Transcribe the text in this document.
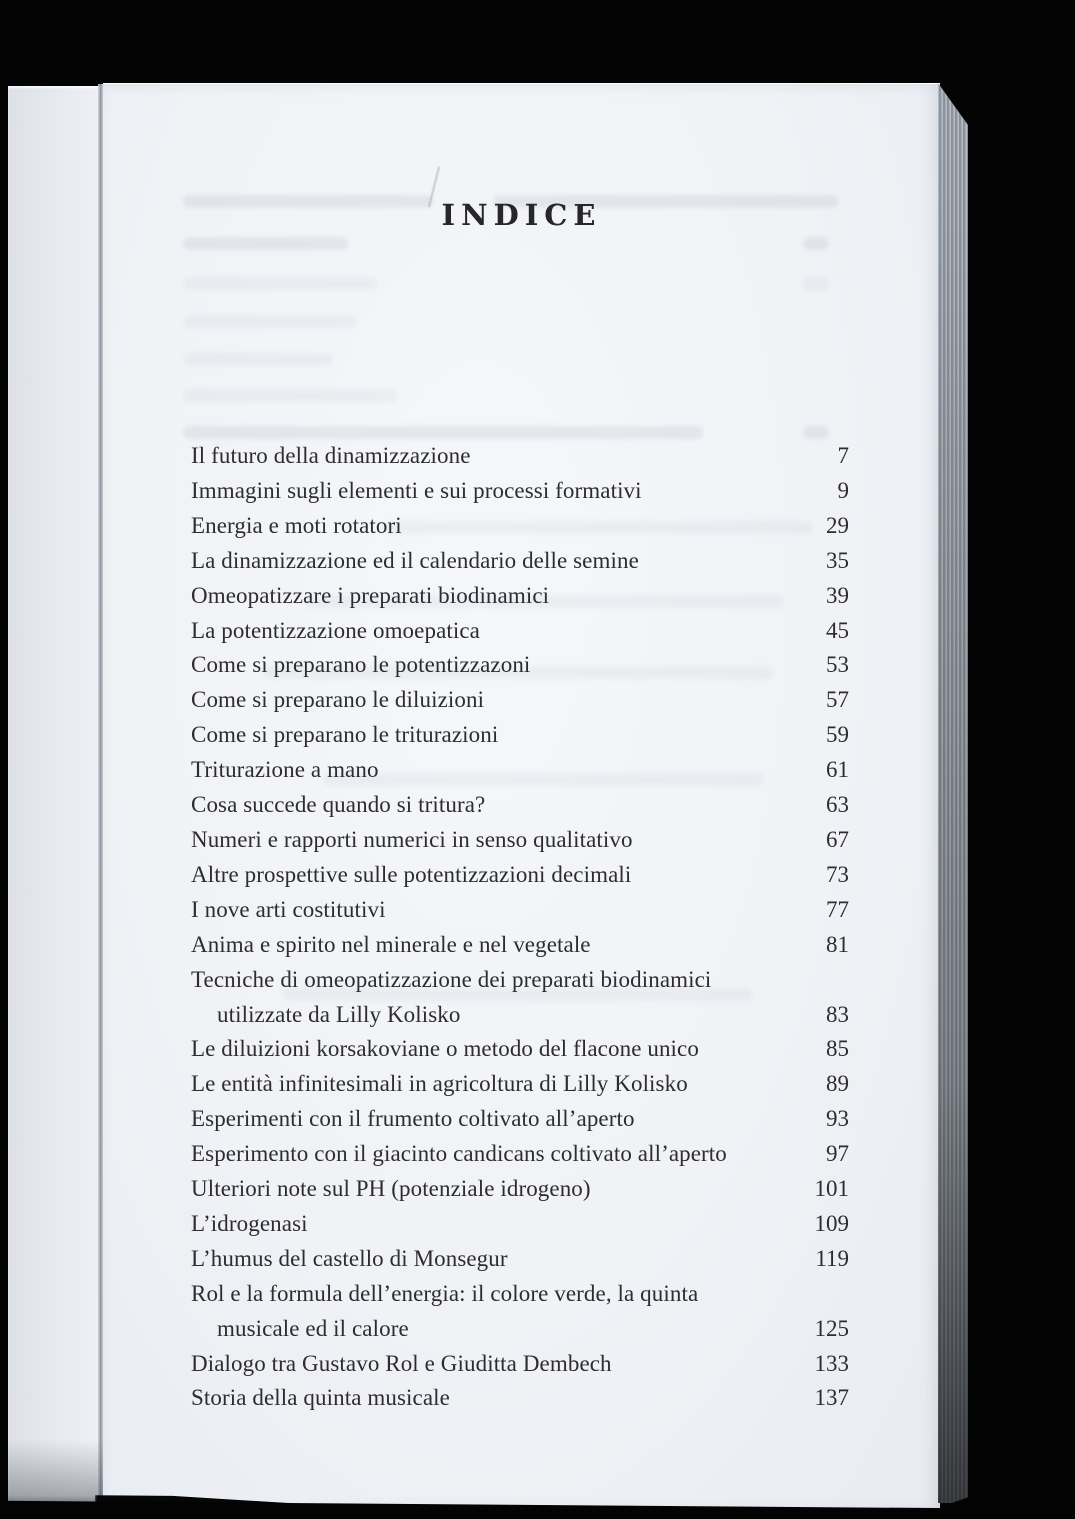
INDICE
Il futuro della dinamizzazione	7
Immagini sugli elementi e sui processi formativi	9
Energia e moti rotatori	29
La dinamizzazione ed il calendario delle semine	35
Omeopatizzare i preparati biodinamici	39
La potentizzazione omoepatica	45
Come si preparano le potentizzazoni	53
Come si preparano le diluizioni	57
Come si preparano le triturazioni	59
Triturazione a mano	61
Cosa succede quando si tritura?	63
Numeri e rapporti numerici in senso qualitativo	67
Altre prospettive sulle potentizzazioni decimali	73
I nove arti costitutivi	77
Anima e spirito nel minerale e nel vegetale	81
Tecniche di omeopatizzazione dei preparati biodinamici
utilizzate da Lilly Kolisko	83
Le diluizioni korsakoviane o metodo del flacone unico	85
Le entità infinitesimali in agricoltura di Lilly Kolisko	89
Esperimenti con il frumento coltivato all’aperto	93
Esperimento con il giacinto candicans coltivato all’aperto	97
Ulteriori note sul PH (potenziale idrogeno)	101
L’idrogenasi	109
L’humus del castello di Monsegur	119
Rol e la formula dell’energia: il colore verde, la quinta
musicale ed il calore	125
Dialogo tra Gustavo Rol e Giuditta Dembech	133
Storia della quinta musicale	137
